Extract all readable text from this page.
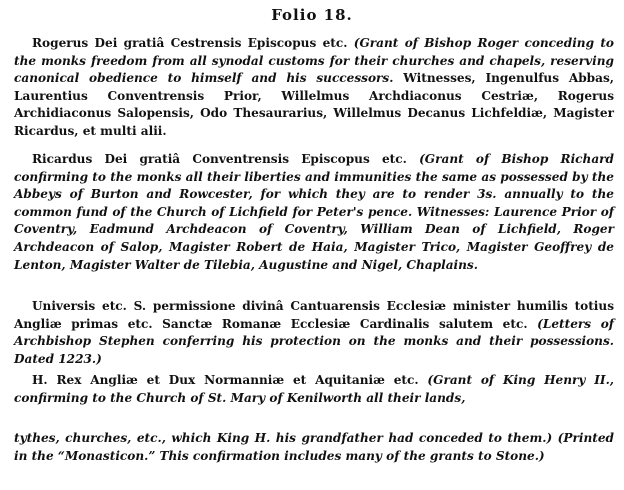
Folio 18.
Rogerus Dei gratiâ Cestrensis Episcopus etc. (Grant of Bishop Roger conceding to the monks freedom from all synodal customs for their churches and chapels, reserving canonical obedience to himself and his successors. Witnesses, Ingenulfus Abbas, Laurentius Conventrensis Prior, Willelmus Archdiaconus Cestriæ, Rogerus Archidiaconus Salopensis, Odo Thesaurarius, Willelmus Decanus Lichfeldiæ, Magister Ricardus, et multi alii.
Ricardus Dei gratiâ Conventrensis Episcopus etc. (Grant of Bishop Richard confirming to the monks all their liberties and immunities the same as possessed by the Abbeys of Burton and Rowcester, for which they are to render 3s. annually to the common fund of the Church of Lichfield for Peter's pence. Witnesses: Laurence Prior of Coventry, Eadmund Archdeacon of Coventry, William Dean of Lichfield, Roger Archdeacon of Salop, Magister Robert de Haia, Magister Trico, Magister Geoffrey de Lenton, Magister Walter de Tilebia, Augustine and Nigel, Chaplains.
Universis etc. S. permissione divinâ Cantuarensis Ecclesiæ minister humilis totius Angliæ primas etc. Sanctæ Romanæ Ecclesiæ Cardinalis salutem etc. (Letters of Archbishop Stephen conferring his protection on the monks and their possessions. Dated 1223.)
H. Rex Angliæ et Dux Normanniæ et Aquitaniæ etc. (Grant of King Henry II., confirming to the Church of St. Mary of Kenilworth all their lands,
tythes, churches, etc., which King H. his grandfather had conceded to them.) (Printed in the “Monasticon.” This confirmation includes many of the grants to Stone.)
